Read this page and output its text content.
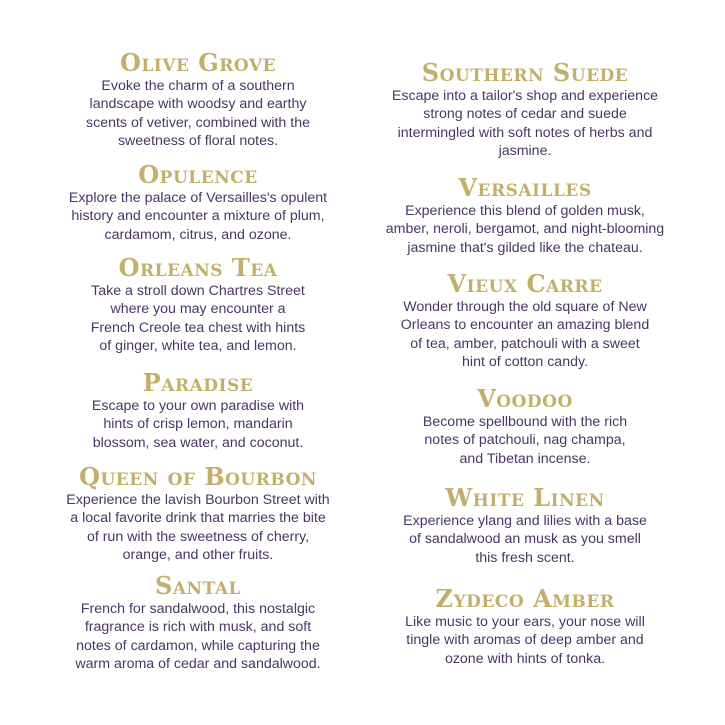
Olive Grove
Evoke the charm of a southern
landscape with woodsy and earthy
scents of vetiver, combined with the
sweetness of floral notes.
Opulence
Explore the palace of Versailles's opulent
history and encounter a mixture of plum,
cardamom, citrus, and ozone.
Orleans Tea
Take a stroll down Chartres Street
where you may encounter a
French Creole tea chest with hints
of ginger, white tea, and lemon.
Paradise
Escape to your own paradise with
hints of crisp lemon, mandarin
blossom, sea water, and coconut.
Queen of Bourbon
Experience the lavish Bourbon Street with
a local favorite drink that marries the bite
of run with the sweetness of cherry,
orange, and other fruits.
Santal
French for sandalwood, this nostalgic
fragrance is rich with musk, and soft
notes of cardamon, while capturing the
warm aroma of cedar and sandalwood.
Southern Suede
Escape into a tailor's shop and experience
strong notes of cedar and suede
intermingled with soft notes of herbs and
jasmine.
Versailles
Experience this blend of golden musk,
amber, neroli, bergamot, and night-blooming
jasmine that's gilded like the chateau.
Vieux Carre
Wonder through the old square of New
Orleans to encounter an amazing blend
of tea, amber, patchouli with a sweet
hint of cotton candy.
Voodoo
Become spellbound with the rich
notes of patchouli, nag champa,
and Tibetan incense.
White Linen
Experience ylang and lilies with a base
of sandalwood an musk as you smell
this fresh scent.
Zydeco Amber
Like music to your ears, your nose will
tingle with aromas of deep amber and
ozone with hints of tonka.
